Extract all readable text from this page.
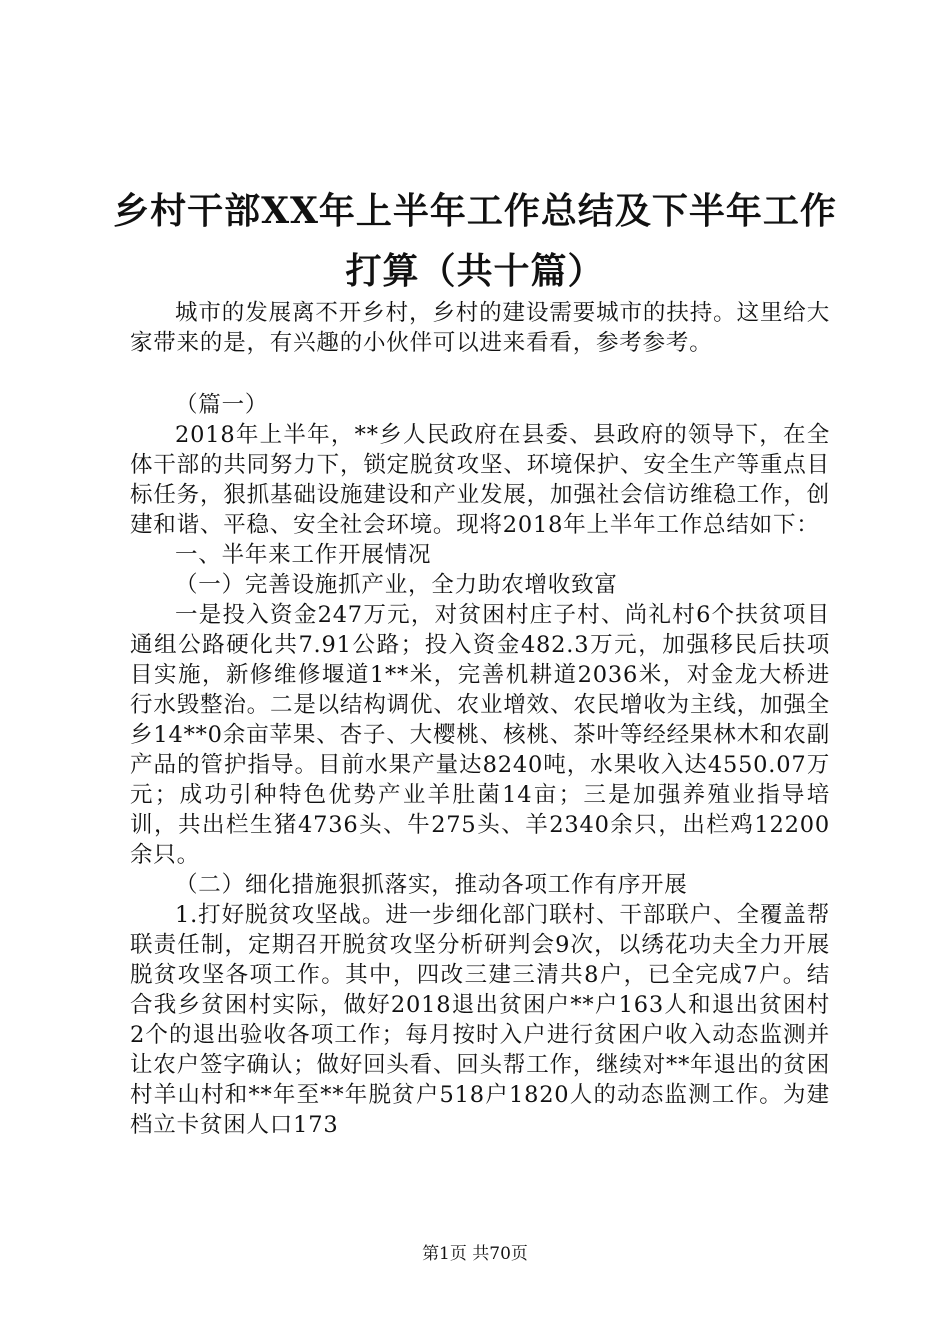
乡村干部XX年上半年工作总结及下半年工作
打算（共十篇）

城市的发展离不开乡村，乡村的建设需要城市的扶持。这里给大家带来的是，有兴趣的小伙伴可以进来看看，参考参考。

（篇一）

2018年上半年，**乡人民政府在县委、县政府的领导下，在全体干部的共同努力下，锁定脱贫攻坚、环境保护、安全生产等重点目标任务，狠抓基础设施建设和产业发展，加强社会信访维稳工作，创建和谐、平稳、安全社会环境。现将2018年上半年工作总结如下：

一、半年来工作开展情况

（一）完善设施抓产业，全力助农增收致富

一是投入资金247万元，对贫困村庄子村、尚礼村6个扶贫项目通组公路硬化共7.91公路；投入资金482.3万元，加强移民后扶项目实施，新修维修堰道1**米，完善机耕道2036米，对金龙大桥进行水毁整治。二是以结构调优、农业增效、农民增收为主线，加强全乡14**0余亩苹果、杏子、大樱桃、核桃、茶叶等经经果林木和农副产品的管护指导。目前水果产量达8240吨，水果收入达4550.07万元；成功引种特色优势产业羊肚菌14亩；三是加强养殖业指导培训，共出栏生猪4736头、牛275头、羊2340余只，出栏鸡12200余只。

（二）细化措施狠抓落实，推动各项工作有序开展

1.打好脱贫攻坚战。进一步细化部门联村、干部联户、全覆盖帮联责任制，定期召开脱贫攻坚分析研判会9次，以绣花功夫全力开展脱贫攻坚各项工作。其中，四改三建三清共8户，已全完成7户。结合我乡贫困村实际，做好2018退出贫困户**户163人和退出贫困村2个的退出验收各项工作；每月按时入户进行贫困户收入动态监测并让农户签字确认；做好回头看、回头帮工作，继续对**年退出的贫困村羊山村和**年至**年脱贫户518户1820人的动态监测工作。为建档立卡贫困人口173

第1页 共70页
